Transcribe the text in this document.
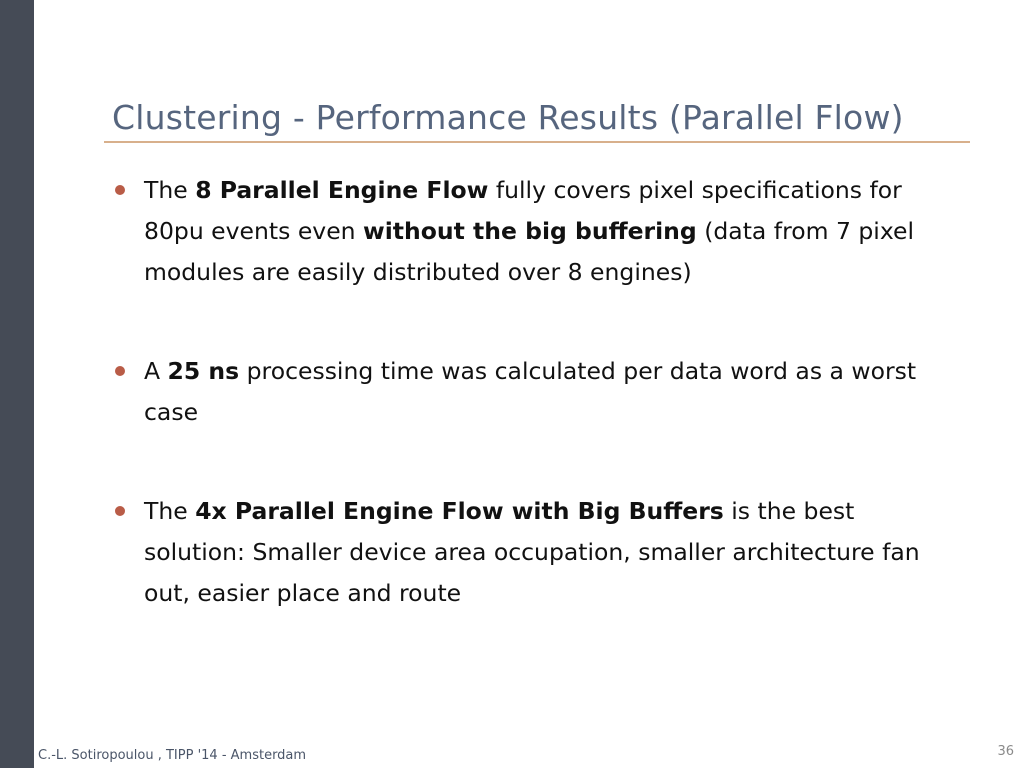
Clustering - Performance Results (Parallel Flow)
The 8 Parallel Engine Flow fully covers pixel specifications for 80pu events even without the big buffering (data from 7 pixel modules are easily distributed over 8 engines)
A 25 ns processing time was calculated per data word as a worst case
The 4x Parallel Engine Flow with Big Buffers is the best solution: Smaller device area occupation, smaller architecture fan out, easier place and route
C.-L. Sotiropoulou , TIPP '14 - Amsterdam	36
